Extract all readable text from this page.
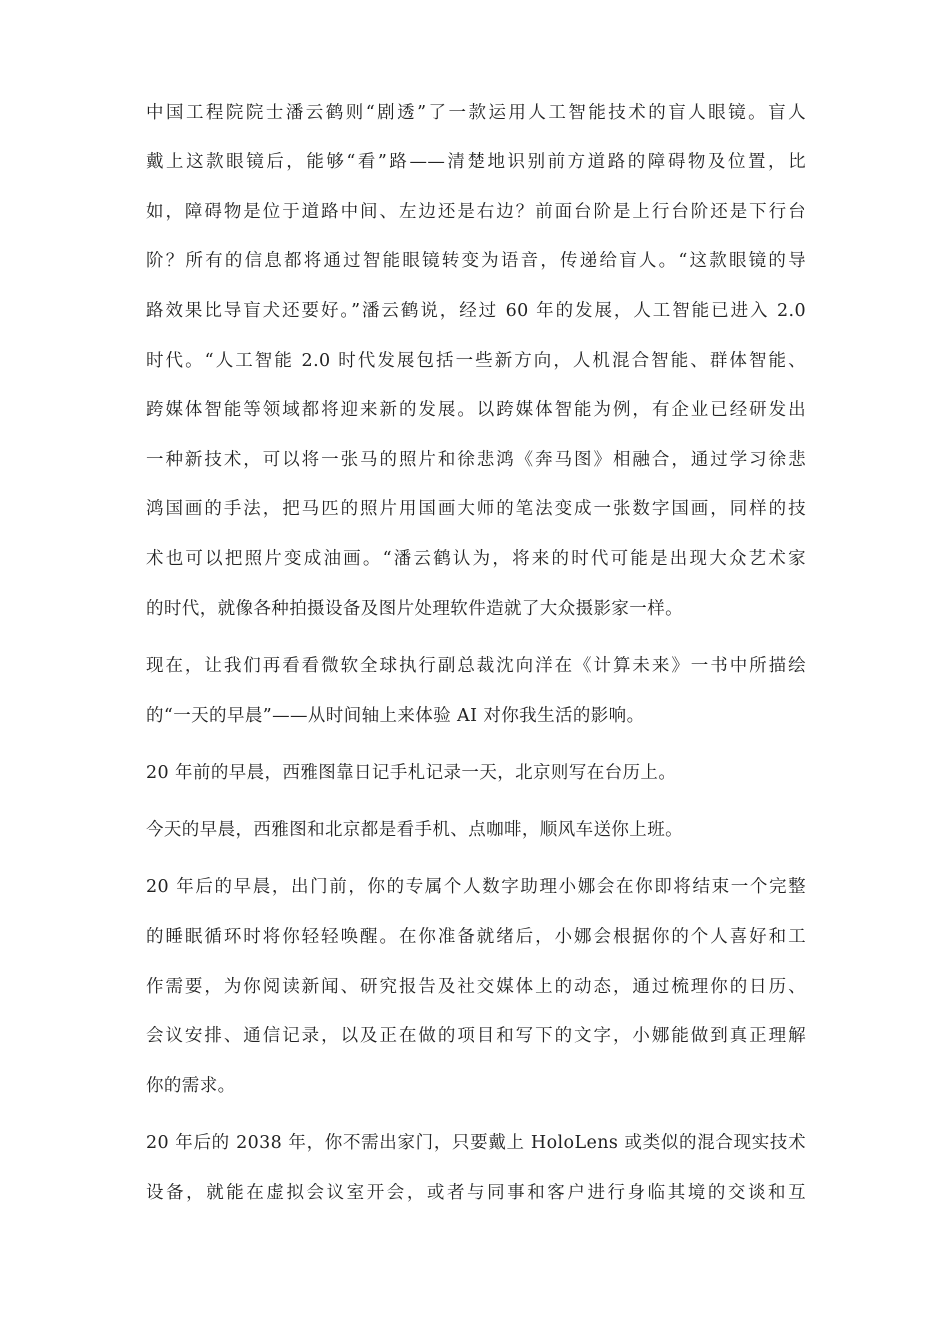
中国工程院院士潘云鹤则“剧透”了一款运用人工智能技术的盲人眼镜。盲人
戴上这款眼镜后，能够“看”路——清楚地识别前方道路的障碍物及位置，比
如，障碍物是位于道路中间、左边还是右边？前面台阶是上行台阶还是下行台
阶？所有的信息都将通过智能眼镜转变为语音，传递给盲人。“这款眼镜的导
路效果比导盲犬还要好。”潘云鹤说，经过 60 年的发展，人工智能已进入 2.0
时代。“人工智能 2.0 时代发展包括一些新方向，人机混合智能、群体智能、
跨媒体智能等领域都将迎来新的发展。以跨媒体智能为例，有企业已经研发出
一种新技术，可以将一张马的照片和徐悲鸿《奔马图》相融合，通过学习徐悲
鸿国画的手法，把马匹的照片用国画大师的笔法变成一张数字国画，同样的技
术也可以把照片变成油画。“潘云鹤认为，将来的时代可能是出现大众艺术家
的时代，就像各种拍摄设备及图片处理软件造就了大众摄影家一样。
现在，让我们再看看微软全球执行副总裁沈向洋在《计算未来》一书中所描绘
的“一天的早晨”——从时间轴上来体验 AI 对你我生活的影响。
20 年前的早晨，西雅图靠日记手札记录一天，北京则写在台历上。
今天的早晨，西雅图和北京都是看手机、点咖啡，顺风车送你上班。
20 年后的早晨，出门前，你的专属个人数字助理小娜会在你即将结束一个完整
的睡眠循环时将你轻轻唤醒。在你准备就绪后，小娜会根据你的个人喜好和工
作需要，为你阅读新闻、研究报告及社交媒体上的动态，通过梳理你的日历、
会议安排、通信记录，以及正在做的项目和写下的文字，小娜能做到真正理解
你的需求。
20 年后的 2038 年，你不需出家门，只要戴上 HoloLens 或类似的混合现实技术
设备，就能在虚拟会议室开会，或者与同事和客户进行身临其境的交谈和互
